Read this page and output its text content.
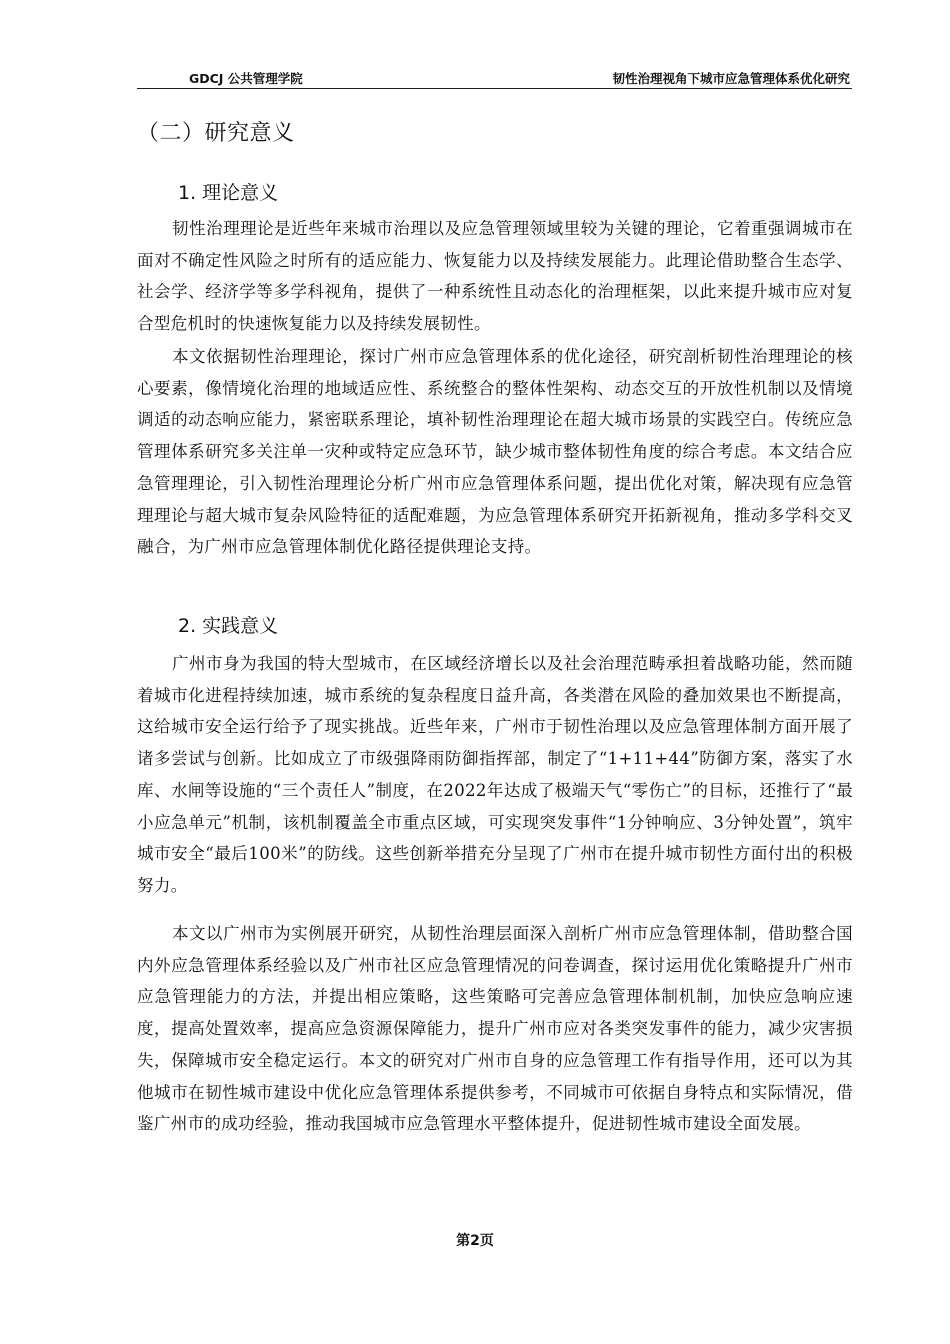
GDCJ 公共管理学院	韧性治理视角下城市应急管理体系优化研究
（二）研究意义
1. 理论意义

韧性治理理论是近些年来城市治理以及应急管理领域里较为关键的理论，它着重强调城市在面对不确定性风险之时所有的适应能力、恢复能力以及持续发展能力。此理论借助整合生态学、社会学、经济学等多学科视角，提供了一种系统性且动态化的治理框架，以此来提升城市应对复合型危机时的快速恢复能力以及持续发展韧性。

本文依据韧性治理理论，探讨广州市应急管理体系的优化途径，研究剖析韧性治理理论的核心要素，像情境化治理的地域适应性、系统整合的整体性架构、动态交互的开放性机制以及情境调适的动态响应能力，紧密联系理论，填补韧性治理理论在超大城市场景的实践空白。传统应急管理体系研究多关注单一灾种或特定应急环节，缺少城市整体韧性角度的综合考虑。本文结合应急管理理论，引入韧性治理理论分析广州市应急管理体系问题，提出优化对策，解决现有应急管理理论与超大城市复杂风险特征的适配难题，为应急管理体系研究开拓新视角，推动多学科交叉融合，为广州市应急管理体制优化路径提供理论支持。

2. 实践意义

广州市身为我国的特大型城市，在区域经济增长以及社会治理范畴承担着战略功能，然而随着城市化进程持续加速，城市系统的复杂程度日益升高，各类潜在风险的叠加效果也不断提高，这给城市安全运行给予了现实挑战。近些年来，广州市于韧性治理以及应急管理体制方面开展了诸多尝试与创新。比如成立了市级强降雨防御指挥部，制定了“1+11+44”防御方案，落实了水库、水闸等设施的“三个责任人”制度，在2022年达成了极端天气“零伤亡”的目标，还推行了“最小应急单元”机制，该机制覆盖全市重点区域，可实现突发事件“1分钟响应、3分钟处置”，筑牢城市安全“最后100米”的防线。这些创新举措充分呈现了广州市在提升城市韧性方面付出的积极努力。

本文以广州市为实例展开研究，从韧性治理层面深入剖析广州市应急管理体制，借助整合国内外应急管理体系经验以及广州市社区应急管理情况的问卷调查，探讨运用优化策略提升广州市应急管理能力的方法，并提出相应策略，这些策略可完善应急管理体制机制，加快应急响应速度，提高处置效率，提高应急资源保障能力，提升广州市应对各类突发事件的能力，减少灾害损失，保障城市安全稳定运行。本文的研究对广州市自身的应急管理工作有指导作用，还可以为其他城市在韧性城市建设中优化应急管理体系提供参考，不同城市可依据自身特点和实际情况，借鉴广州市的成功经验，推动我国城市应急管理水平整体提升，促进韧性城市建设全面发展。

第2页
